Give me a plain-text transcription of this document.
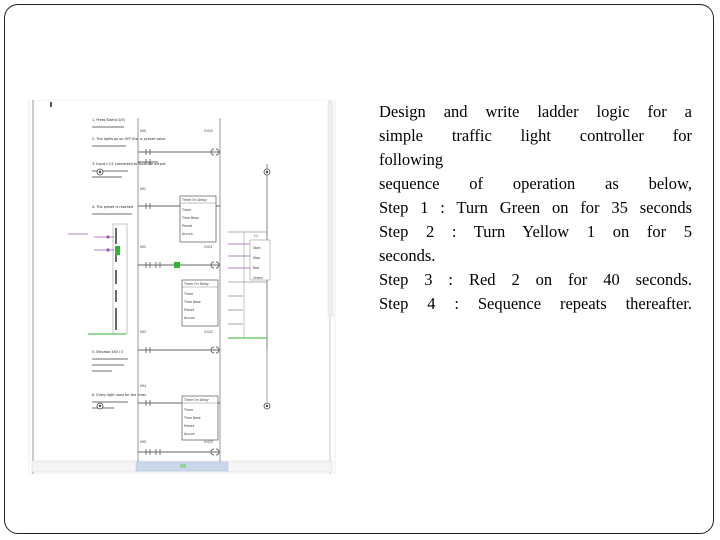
1. Press Start(I:1/0)
2. The lights go on OFF first a, preset value
3. Input I:1/1 connected to Start the output.
4. The preset is reached
5. Elevator 450 / 0
6. Every light used for the timer
000
001
002
003
004
005
Timer On Delay
Timer
Time Base
Preset
Accum
Timer On Delay
Timer
Time Base
Preset
Accum
Timer On Delay
Timer
Time Base
Preset
Accum
O:0/0
O:0/1
O:0/2
O:0/3
I:1
Start
Stop
Red
Green

Design and write ladder logic for a

simple traffic light controller for

following

sequence of operation as below,

Step 1 : Turn Green on for 35 seconds

Step 2 : Turn Yellow 1 on for 5

seconds.

Step 3 : Red 2 on for 40 seconds.

Step 4 : Sequence repeats thereafter.
